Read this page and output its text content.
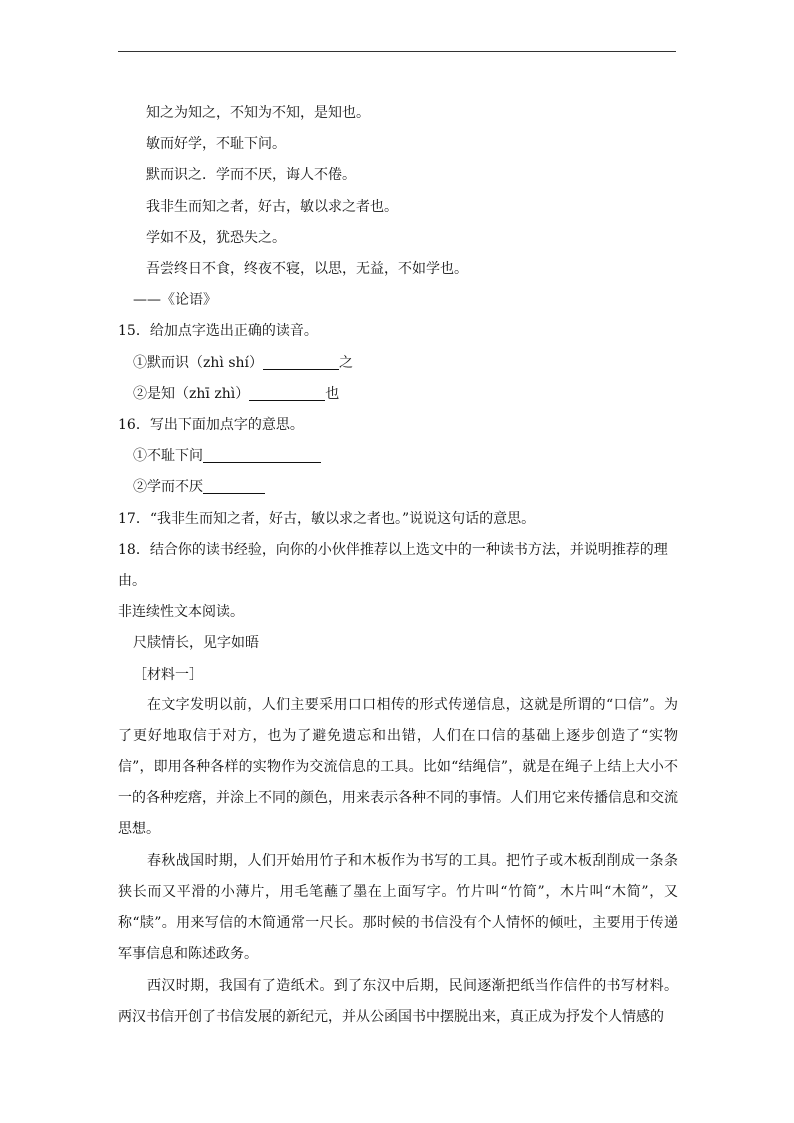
知之为知之，不知为不知，是知也。
敏而好学，不耻下问。
默而识之．学而不厌，诲人不倦。
我非生而知之者，好古，敏以求之者也。
学如不及，犹恐失之。
吾尝终日不食，终夜不寝，以思，无益，不如学也。
——《论语》
15．给加点字选出正确的读音。
①默而识（zhì shí）	之
②是知（zhī zhì）	也
16．写出下面加点字的意思。
①不耻下问
②学而不厌
17．“我非生而知之者，好古，敏以求之者也。”说说这句话的意思。
18．结合你的读书经验，向你的小伙伴推荐以上选文中的一种读书方法，并说明推荐的理
由。
非连续性文本阅读。
尺牍情长，见字如晤
［材料一］
在文字发明以前，人们主要采用口口相传的形式传递信息，这就是所谓的“口信”。为了更好地取信于对方，也为了避免遗忘和出错，人们在口信的基础上逐步创造了“实物信”，即用各种各样的实物作为交流信息的工具。比如“结绳信”，就是在绳子上结上大小不一的各种疙瘩，并涂上不同的颜色，用来表示各种不同的事情。人们用它来传播信息和交流思想。
春秋战国时期，人们开始用竹子和木板作为书写的工具。把竹子或木板刮削成一条条狭长而又平滑的小薄片，用毛笔蘸了墨在上面写字。竹片叫“竹简”，木片叫“木简”，又称“牍”。用来写信的木简通常一尺长。那时候的书信没有个人情怀的倾吐，主要用于传递军事信息和陈述政务。
西汉时期，我国有了造纸术。到了东汉中后期，民间逐渐把纸当作信件的书写材料。两汉书信开创了书信发展的新纪元，并从公函国书中摆脱出来，真正成为抒发个人情感的
